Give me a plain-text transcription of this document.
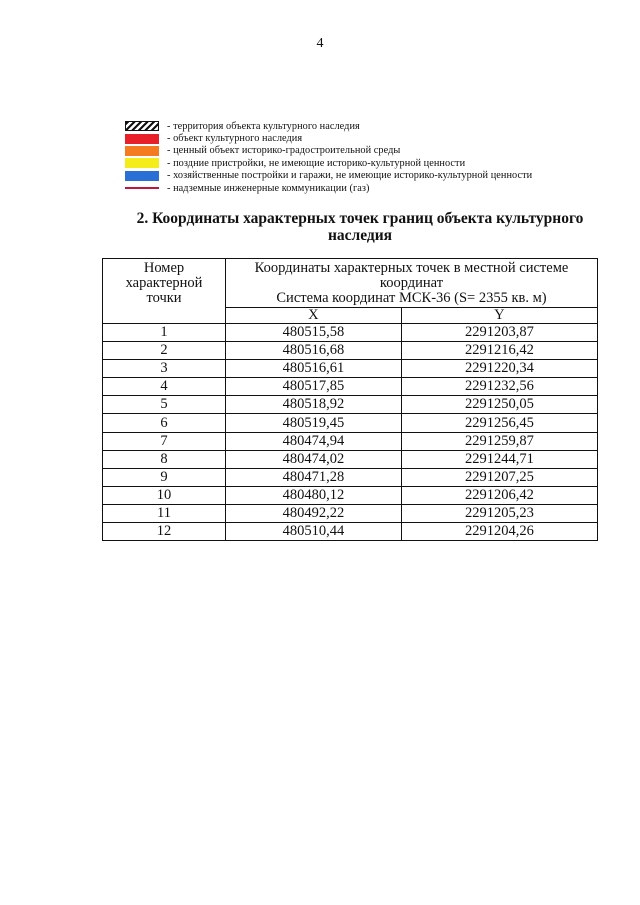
4
- территория объекта культурного наследия
- объект культурного наследия
- ценный объект историко-градостроительной среды
- поздние пристройки, не имеющие историко-культурной ценности
- хозяйственные постройки и гаражи, не имеющие историко-культурной ценности
- надземные инженерные коммуникации (газ)
2. Координаты характерных точек границ объекта культурного
наследия
Номер
характерной
точки	Координаты характерных точек в местной системе
координат
Система координат МСК-36 (S= 2355 кв. м)	

	X	Y
1	480515,58	2291203,87
2	480516,68	2291216,42
3	480516,61	2291220,34
4	480517,85	2291232,56
5	480518,92	2291250,05
6	480519,45	2291256,45
7	480474,94	2291259,87
8	480474,02	2291244,71
9	480471,28	2291207,25
10	480480,12	2291206,42
11	480492,22	2291205,23
12	480510,44	2291204,26
